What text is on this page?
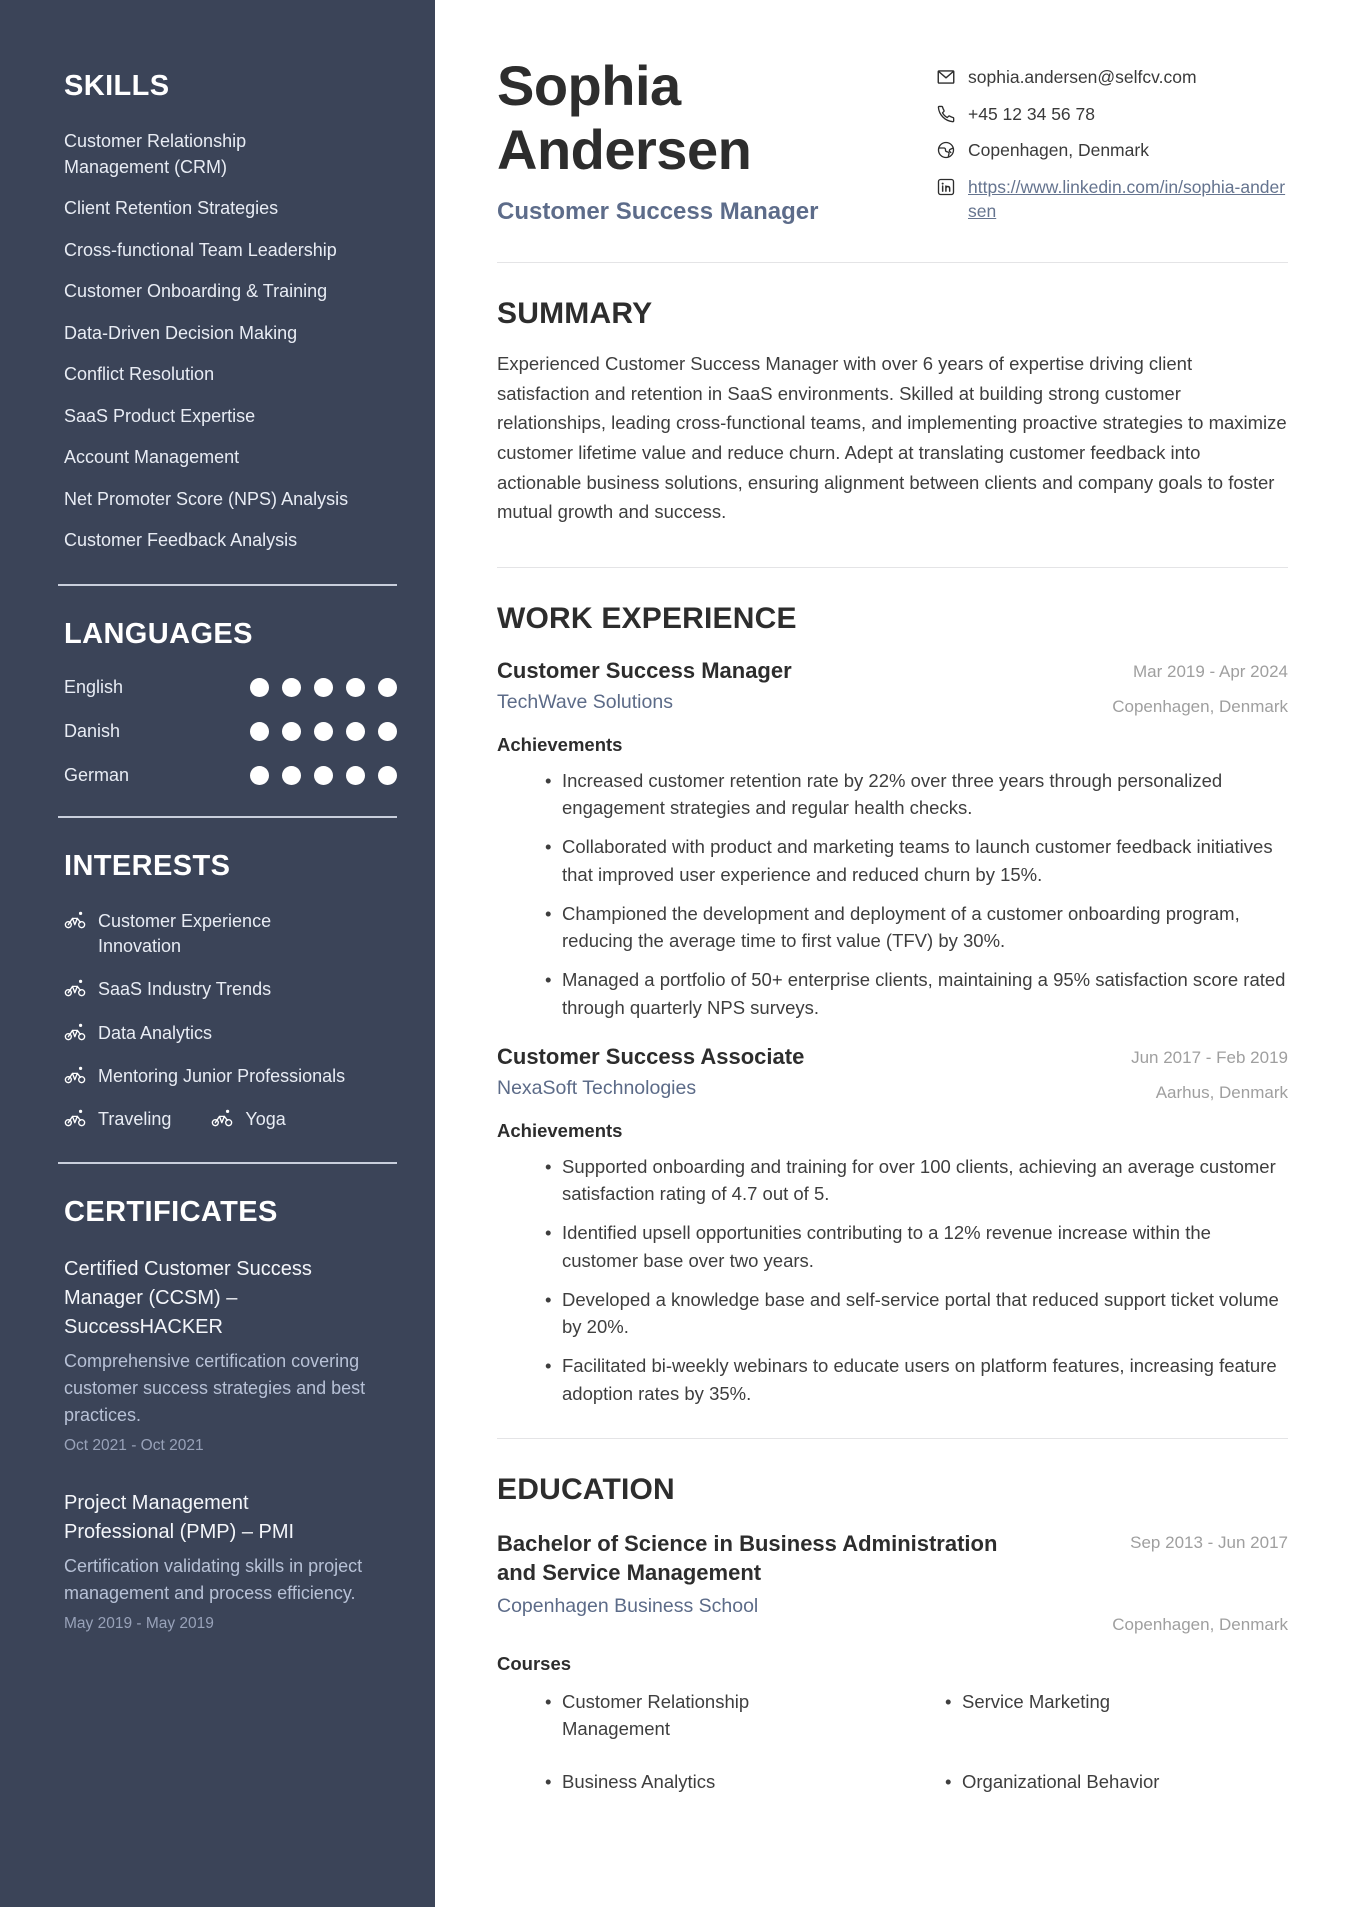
SKILLS
Customer Relationship Management (CRM)
Client Retention Strategies
Cross-functional Team Leadership
Customer Onboarding & Training
Data-Driven Decision Making
Conflict Resolution
SaaS Product Expertise
Account Management
Net Promoter Score (NPS) Analysis
Customer Feedback Analysis
LANGUAGES
English
Danish
German
INTERESTS
Customer Experience Innovation
SaaS Industry Trends
Data Analytics
Mentoring Junior Professionals
Traveling	Yoga
CERTIFICATES

Certified Customer Success Manager (CCSM) – SuccessHACKER

Comprehensive certification covering customer success strategies and best practices.

Oct 2021 - Oct 2021

Project Management Professional (PMP) – PMI

Certification validating skills in project management and process efficiency.

May 2019 - May 2019
Sophia Andersen
Customer Success Manager
sophia.andersen@selfcv.com
+45 12 34 56 78
Copenhagen, Denmark
https://www.linkedin.com/in/sophia-andersen
SUMMARY

Experienced Customer Success Manager with over 6 years of expertise driving client satisfaction and retention in SaaS environments. Skilled at building strong customer relationships, leading cross-functional teams, and implementing proactive strategies to maximize customer lifetime value and reduce churn. Adept at translating customer feedback into actionable business solutions, ensuring alignment between clients and company goals to foster mutual growth and success.

WORK EXPERIENCE
Customer Success Manager
TechWave Solutions
Mar 2019 - Apr 2024
Copenhagen, Denmark
Achievements
• Increased customer retention rate by 22% over three years through personalized engagement strategies and regular health checks.
• Collaborated with product and marketing teams to launch customer feedback initiatives that improved user experience and reduced churn by 15%.
• Championed the development and deployment of a customer onboarding program, reducing the average time to first value (TFV) by 30%.
• Managed a portfolio of 50+ enterprise clients, maintaining a 95% satisfaction score rated through quarterly NPS surveys.
Customer Success Associate
NexaSoft Technologies
Jun 2017 - Feb 2019
Aarhus, Denmark
Achievements
• Supported onboarding and training for over 100 clients, achieving an average customer satisfaction rating of 4.7 out of 5.
• Identified upsell opportunities contributing to a 12% revenue increase within the customer base over two years.
• Developed a knowledge base and self-service portal that reduced support ticket volume by 20%.
• Facilitated bi-weekly webinars to educate users on platform features, increasing feature adoption rates by 35%.
EDUCATION
Bachelor of Science in Business Administration and Service Management
Copenhagen Business School
Sep 2013 - Jun 2017
Copenhagen, Denmark
Courses
• Customer Relationship Management
• Service Marketing
• Business Analytics	• Organizational Behavior
